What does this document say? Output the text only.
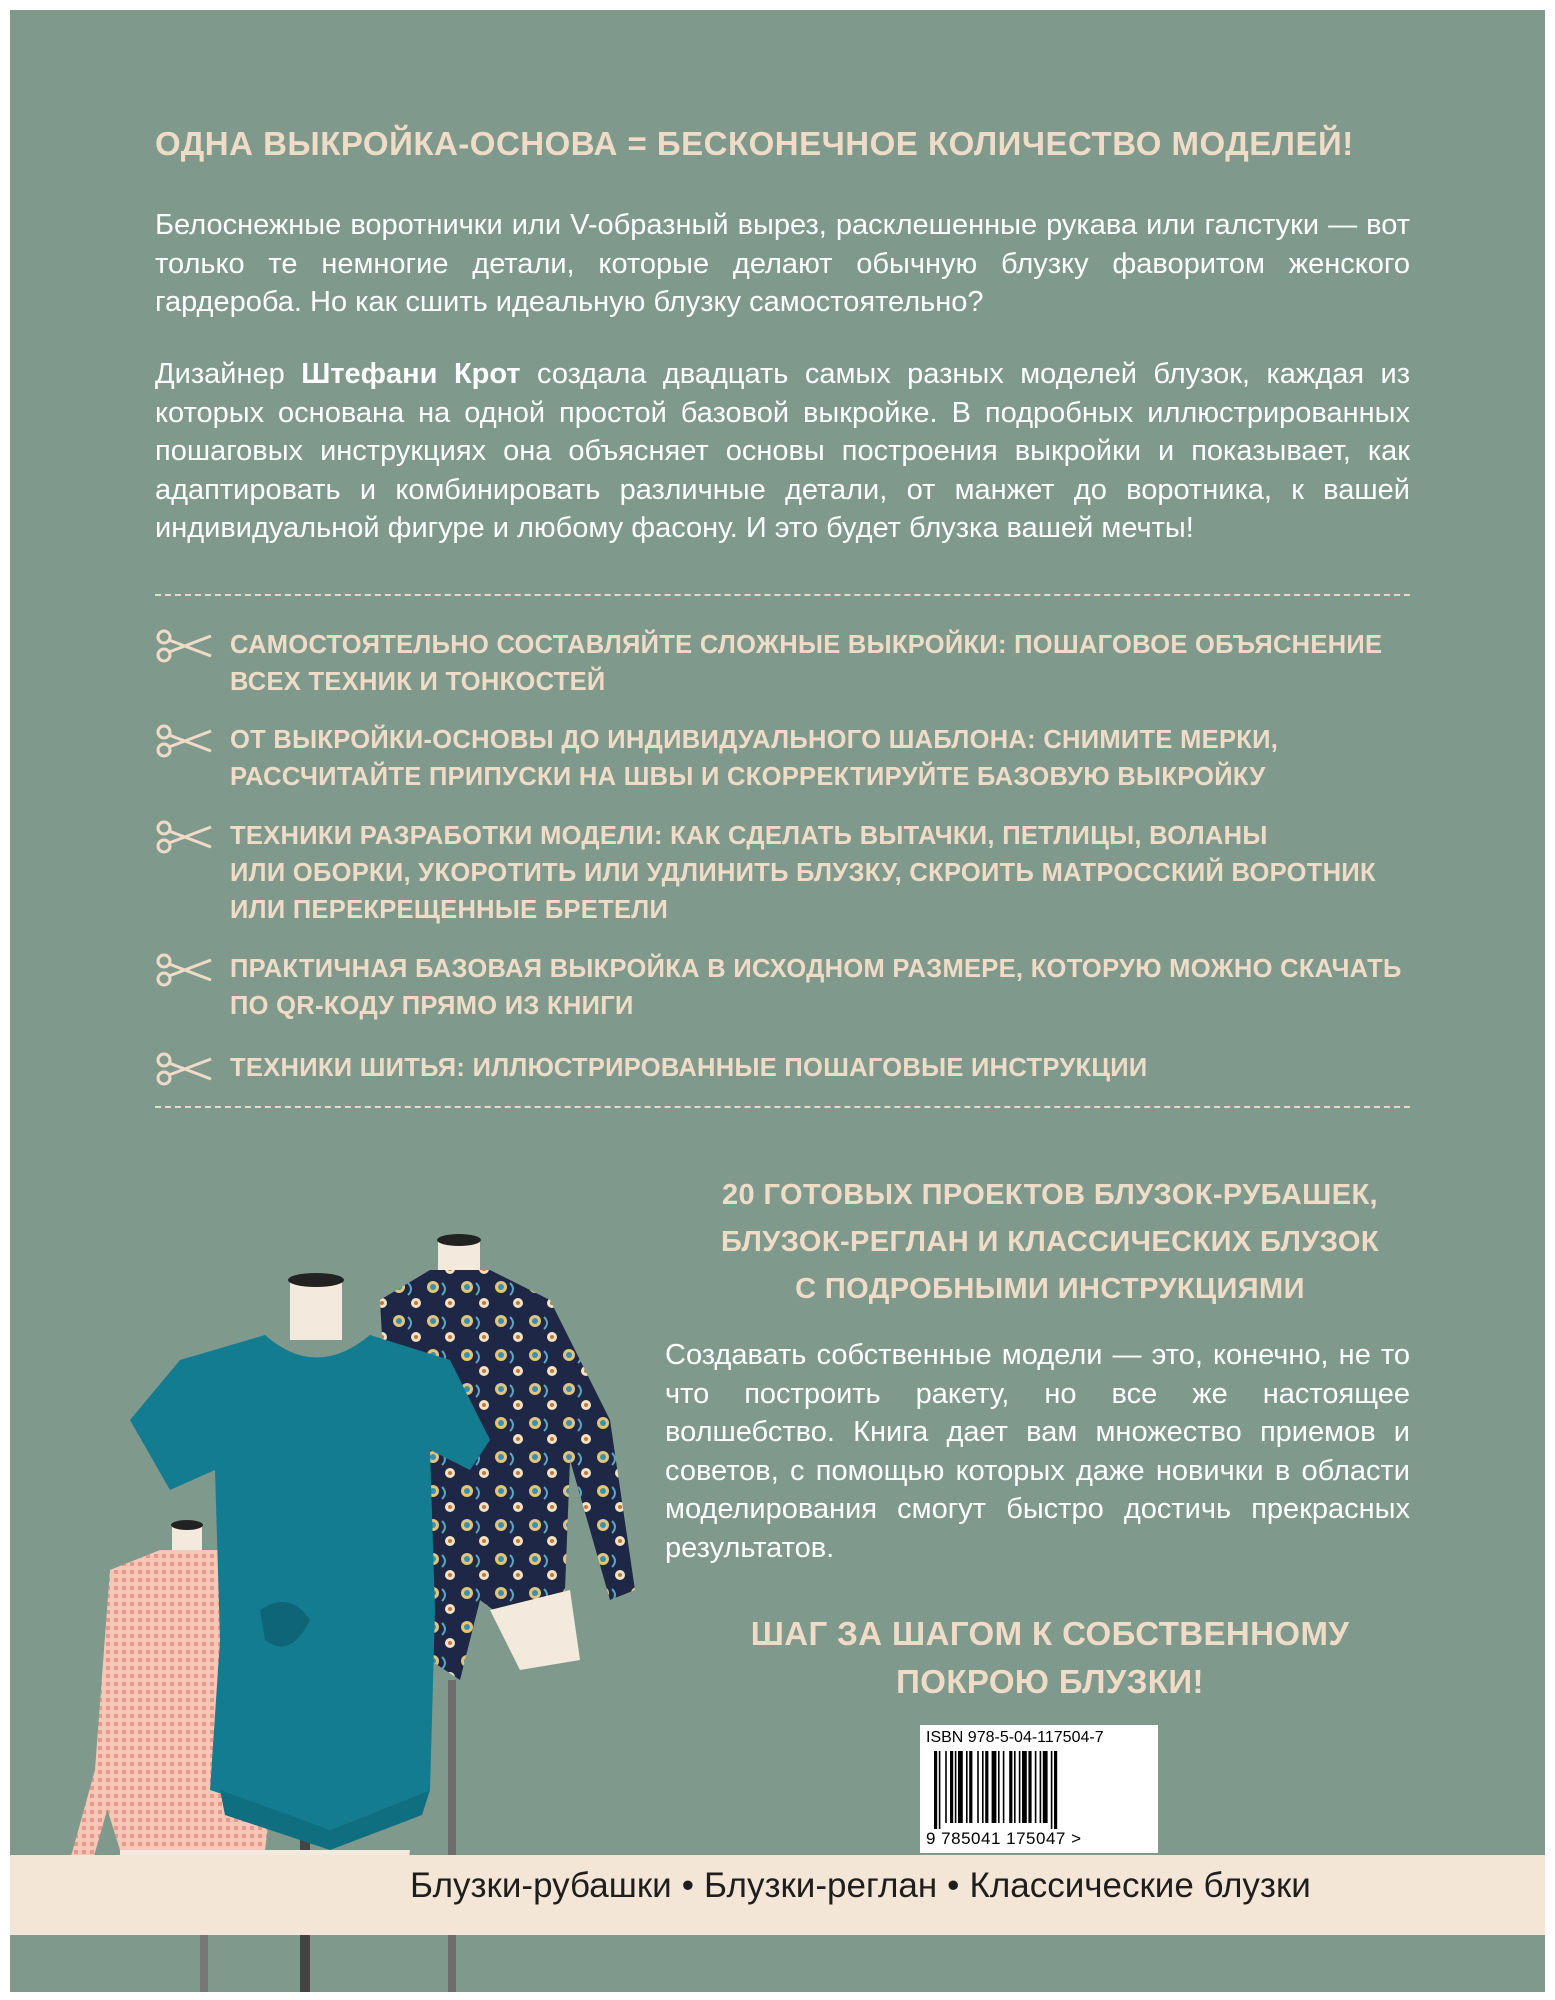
ОДНА ВЫКРОЙКА-ОСНОВА = БЕСКОНЕЧНОЕ КОЛИЧЕСТВО МОДЕЛЕЙ!
Белоснежные воротнички или V-образный вырез, расклешенные рукава или галстуки — вот только те немногие детали, которые делают обычную блузку фаворитом женского гардероба. Но как сшить идеальную блузку самостоятельно?
Дизайнер Штефани Крот создала двадцать самых разных моделей блузок, каждая из которых основана на одной простой базовой выкройке. В подробных иллюстрированных пошаговых инструкциях она объясняет основы построения выкройки и показывает, как адаптировать и комбинировать различные детали, от манжет до воротника, к вашей индивидуальной фигуре и любому фасону. И это будет блузка вашей мечты!
САМОСТОЯТЕЛЬНО СОСТАВЛЯЙТЕ СЛОЖНЫЕ ВЫКРОЙКИ: ПОШАГОВОЕ ОБЪЯСНЕНИЕ
ВСЕХ ТЕХНИК И ТОНКОСТЕЙ
ОТ ВЫКРОЙКИ-ОСНОВЫ ДО ИНДИВИДУАЛЬНОГО ШАБЛОНА: СНИМИТЕ МЕРКИ,
РАССЧИТАЙТЕ ПРИПУСКИ НА ШВЫ И СКОРРЕКТИРУЙТЕ БАЗОВУЮ ВЫКРОЙКУ
ТЕХНИКИ РАЗРАБОТКИ МОДЕЛИ: КАК СДЕЛАТЬ ВЫТАЧКИ, ПЕТЛИЦЫ, ВОЛАНЫ
ИЛИ ОБОРКИ, УКОРОТИТЬ ИЛИ УДЛИНИТЬ БЛУЗКУ, СКРОИТЬ МАТРОССКИЙ ВОРОТНИК
ИЛИ ПЕРЕКРЕЩЕННЫЕ БРЕТЕЛИ
ПРАКТИЧНАЯ БАЗОВАЯ ВЫКРОЙКА В ИСХОДНОМ РАЗМЕРЕ, КОТОРУЮ МОЖНО СКАЧАТЬ
ПО QR-КОДУ ПРЯМО ИЗ КНИГИ
ТЕХНИКИ ШИТЬЯ: ИЛЛЮСТРИРОВАННЫЕ ПОШАГОВЫЕ ИНСТРУКЦИИ
20 ГОТОВЫХ ПРОЕКТОВ БЛУЗОК-РУБАШЕК,
БЛУЗОК-РЕГЛАН И КЛАССИЧЕСКИХ БЛУЗОК
С ПОДРОБНЫМИ ИНСТРУКЦИЯМИ
Создавать собственные модели — это, конечно, не то что построить ракету, но все же настоящее волшебство. Книга дает вам множество приемов и советов, с помощью которых даже новички в области моделирования смогут быстро достичь прекрасных результатов.
ШАГ ЗА ШАГОМ К СОБСТВЕННОМУ
ПОКРОЮ БЛУЗКИ!
ISBN 978-5-04-117504-7
9 785041 175047 >
Блузки-рубашки • Блузки-реглан • Классические блузки
